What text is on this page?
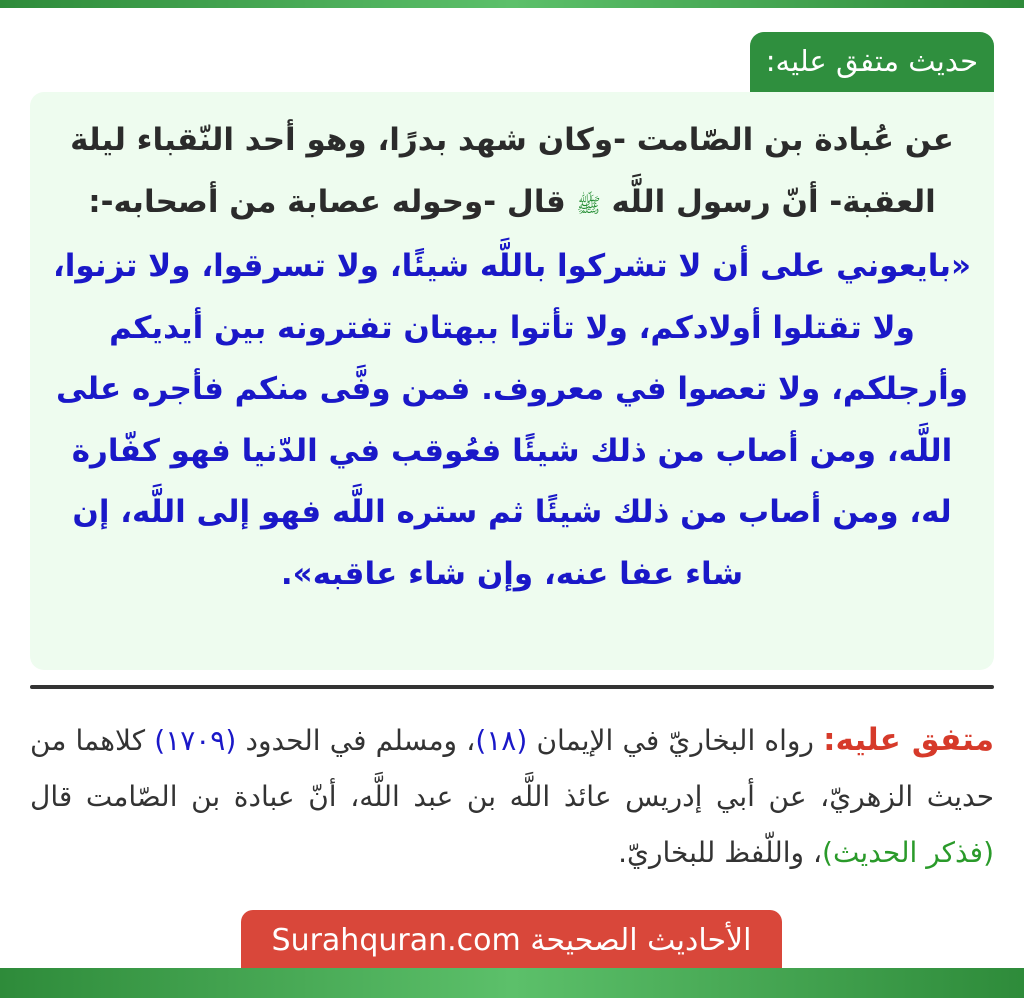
حديث متفق عليه:
عن عُبادة بن الصّامت -وكان شهد بدرًا، وهو أحد النّقباء ليلة العقبة- أنّ رسول اللَّه ﷺ قال -وحوله عصابة من أصحابه-: «بايعوني على أن لا تشركوا باللَّه شيئًا، ولا تسرقوا، ولا تزنوا، ولا تقتلوا أولادكم، ولا تأتوا ببهتان تفترونه بين أيديكم وأرجلكم، ولا تعصوا في معروف. فمن وفَّى منكم فأجره على اللَّه، ومن أصاب من ذلك شيئًا فعُوقب في الدّنيا فهو كفّارة له، ومن أصاب من ذلك شيئًا ثم ستره اللَّه فهو إلى اللَّه، إن شاء عفا عنه، وإن شاء عاقبه».
متفق عليه: رواه البخاريّ في الإيمان (١٨)، ومسلم في الحدود (١٧٠٩) كلاهما من حديث الزهريّ، عن أبي إدريس عائذ اللَّه بن عبد اللَّه، أنّ عبادة بن الصّامت قال (فذكر الحديث)، واللّفظ للبخاريّ.
الأحاديث الصحيحة Surahquran.com
